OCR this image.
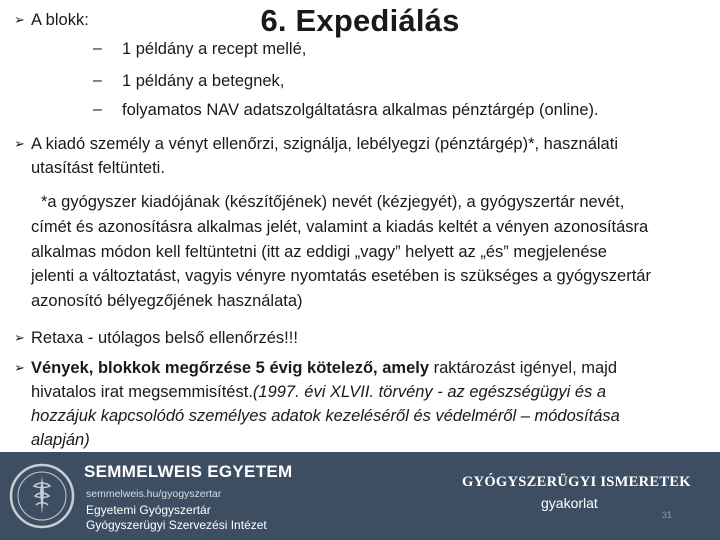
6. Expediálás
➢ A blokk:
–	1 példány a recept mellé,
–	1 példány a betegnek,
–	folyamatos NAV adatszolgáltatásra alkalmas pénztárgép (online).
➢ A kiadó személy a vényt ellenőrzi, szignálja, lebélyegzi (pénztárgép)*, használati
utasítást feltünteti.
*a gyógyszer kiadójának (készítőjének) nevét (kézjegyét), a gyógyszertár nevét,
címét és azonosításra alkalmas jelét, valamint a kiadás keltét a vényen azonosításra
alkalmas módon kell feltüntetni (itt az eddigi „vagy” helyett az „és” megjelenése
jelenti a változtatást, vagyis vényre nyomtatás esetében is szükséges a gyógyszertár
azonosító bélyegzőjének használata)
➢ Retaxa - utólagos belső ellenőrzés!!!
➢ Vények, blokkok megőrzése 5 évig kötelező, amely raktározást igényel, majd
hivatalos irat megsemmisítést.(1997. évi XLVII. törvény - az egészségügyi és a
hozzájuk kapcsolódó személyes adatok kezeléséről és védelméről – módosítása
alapján)
SEMMELWEIS EGYETEM
semmelweis.hu/gyogyszertar
Egyetemi Gyógyszertár
Gyógyszerügyi Szervezési Intézet
GYÓGYSZERÜGYI ISMERETEK
gyakorlat
31
